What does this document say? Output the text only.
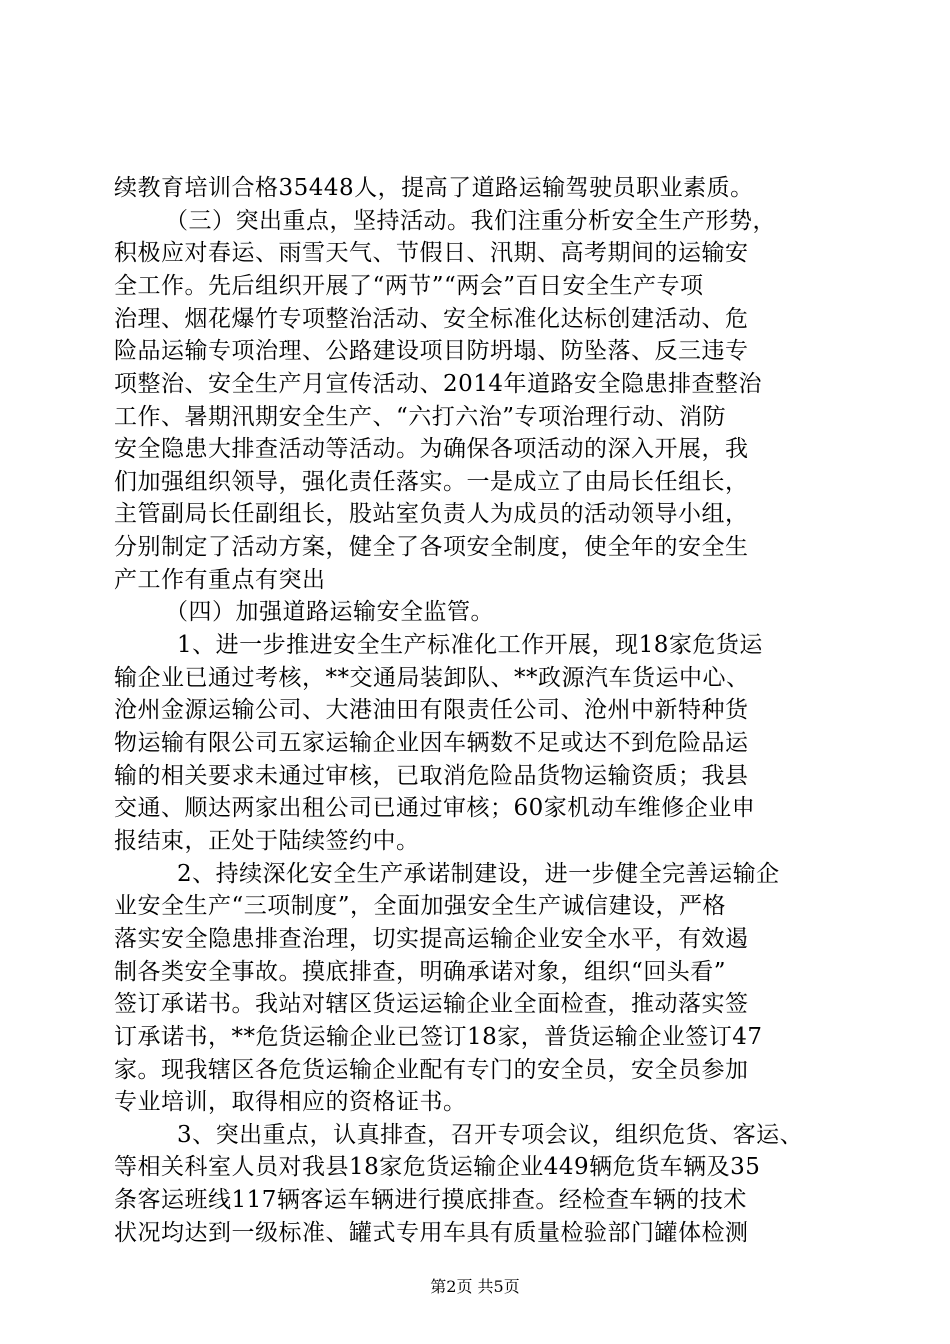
续教育培训合格35448人，提高了道路运输驾驶员职业素质。
（三）突出重点，坚持活动。我们注重分析安全生产形势，
积极应对春运、雨雪天气、节假日、汛期、高考期间的运输安
全工作。先后组织开展了“两节”“两会”百日安全生产专项
治理、烟花爆竹专项整治活动、安全标准化达标创建活动、危
险品运输专项治理、公路建设项目防坍塌、防坠落、反三违专
项整治、安全生产月宣传活动、2014年道路安全隐患排查整治
工作、暑期汛期安全生产、“六打六治”专项治理行动、消防
安全隐患大排查活动等活动。为确保各项活动的深入开展，我
们加强组织领导，强化责任落实。一是成立了由局长任组长，
主管副局长任副组长，股站室负责人为成员的活动领导小组，
分别制定了活动方案，健全了各项安全制度，使全年的安全生
产工作有重点有突出
（四）加强道路运输安全监管。
1、进一步推进安全生产标准化工作开展，现18家危货运
输企业已通过考核，**交通局装卸队、**政源汽车货运中心、
沧州金源运输公司、大港油田有限责任公司、沧州中新特种货
物运输有限公司五家运输企业因车辆数不足或达不到危险品运
输的相关要求未通过审核，已取消危险品货物运输资质；我县
交通、顺达两家出租公司已通过审核；60家机动车维修企业申
报结束，正处于陆续签约中。
2、持续深化安全生产承诺制建设，进一步健全完善运输企
业安全生产“三项制度”，全面加强安全生产诚信建设，严格
落实安全隐患排查治理，切实提高运输企业安全水平，有效遏
制各类安全事故。摸底排查，明确承诺对象，组织“回头看”
签订承诺书。我站对辖区货运运输企业全面检查，推动落实签
订承诺书，**危货运输企业已签订18家，普货运输企业签订47
家。现我辖区各危货运输企业配有专门的安全员，安全员参加
专业培训，取得相应的资格证书。
3、突出重点，认真排查，召开专项会议，组织危货、客运、
等相关科室人员对我县18家危货运输企业449辆危货车辆及35
条客运班线117辆客运车辆进行摸底排查。经检查车辆的技术
状况均达到一级标准、罐式专用车具有质量检验部门罐体检测
第2页 共5页
